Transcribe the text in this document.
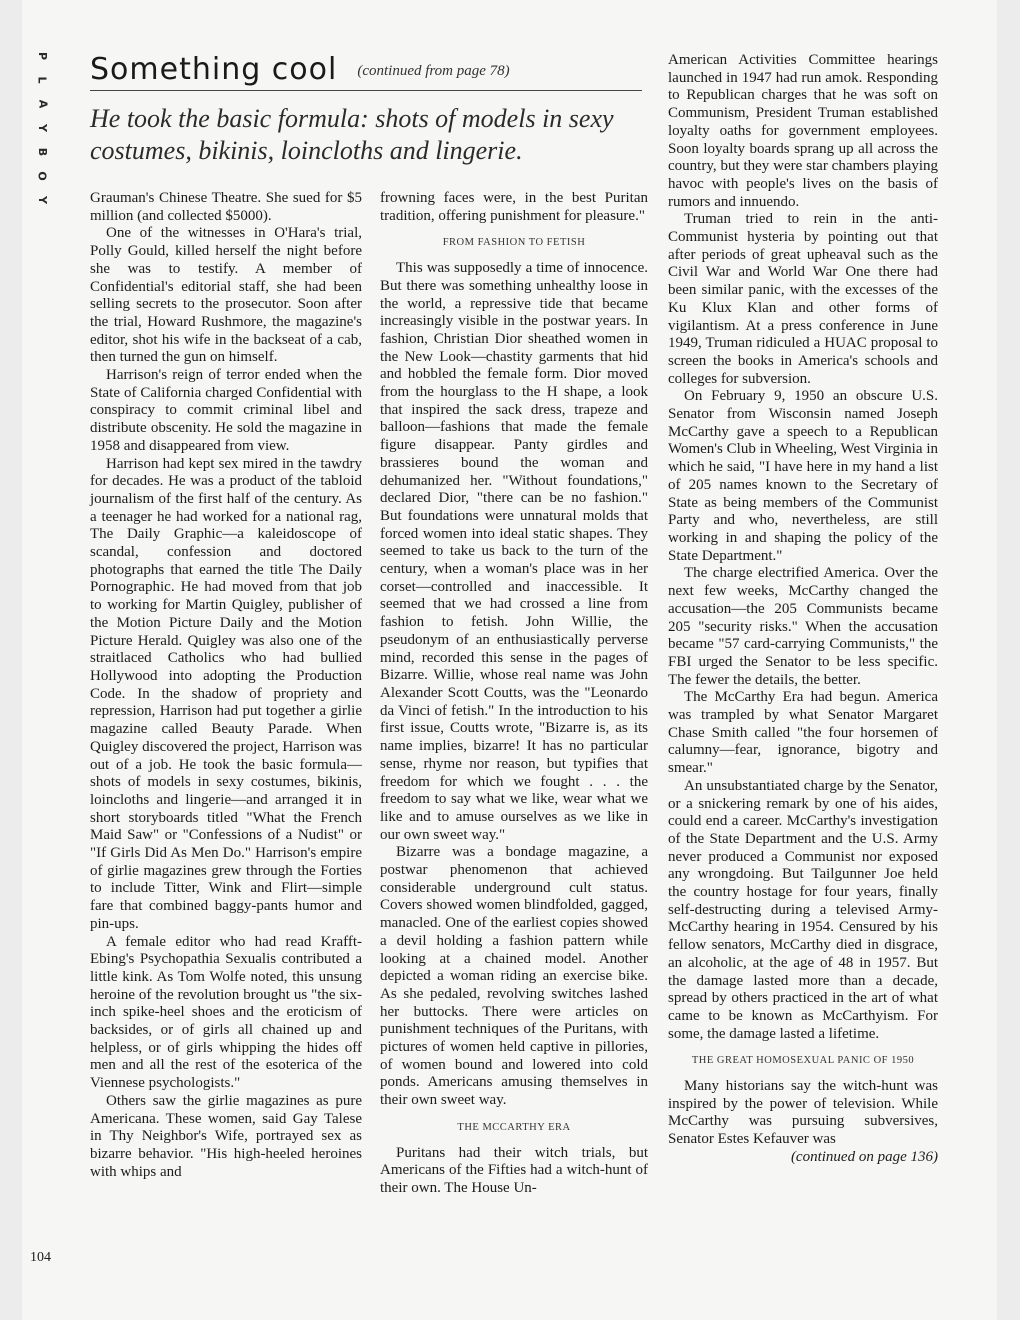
P
L
A
Y
B
O
Y
Something cool (continued from page 78)
He took the basic formula: shots of models in sexy costumes, bikinis, loincloths and lingerie.

Grauman's Chinese Theatre. She sued for $5 million (and collected $5000).

One of the witnesses in O'Hara's trial, Polly Gould, killed herself the night before she was to testify. A member of Confidential's editorial staff, she had been selling secrets to the prosecutor. Soon after the trial, Howard Rushmore, the magazine's editor, shot his wife in the backseat of a cab, then turned the gun on himself.

Harrison's reign of terror ended when the State of California charged Confidential with conspiracy to commit criminal libel and distribute obscenity. He sold the magazine in 1958 and disappeared from view.

Harrison had kept sex mired in the tawdry for decades. He was a product of the tabloid journalism of the first half of the century. As a teenager he had worked for a national rag, The Daily Graphic—a kaleidoscope of scandal, confession and doctored photographs that earned the title The Daily Pornographic. He had moved from that job to working for Martin Quigley, publisher of the Motion Picture Daily and the Motion Picture Herald. Quigley was also one of the straitlaced Catholics who had bullied Hollywood into adopting the Production Code. In the shadow of propriety and repression, Harrison had put together a girlie magazine called Beauty Parade. When Quigley discovered the project, Harrison was out of a job. He took the basic formula—shots of models in sexy costumes, bikinis, loincloths and lingerie—and arranged it in short storyboards titled "What the French Maid Saw" or "Confessions of a Nudist" or "If Girls Did As Men Do." Harrison's empire of girlie magazines grew through the Forties to include Titter, Wink and Flirt—simple fare that combined baggy-pants humor and pin-ups.

A female editor who had read Krafft-Ebing's Psychopathia Sexualis contributed a little kink. As Tom Wolfe noted, this unsung heroine of the revolution brought us "the six-inch spike-heel shoes and the eroticism of backsides, or of girls all chained up and helpless, or of girls whipping the hides off men and all the rest of the esoterica of the Viennese psychologists."

Others saw the girlie magazines as pure Americana. These women, said Gay Talese in Thy Neighbor's Wife, portrayed sex as bizarre behavior. "His high-heeled heroines with whips and

frowning faces were, in the best Puritan tradition, offering punishment for pleasure."

FROM FASHION TO FETISH

This was supposedly a time of innocence. But there was something unhealthy loose in the world, a repressive tide that became increasingly visible in the postwar years. In fashion, Christian Dior sheathed women in the New Look—chastity garments that hid and hobbled the female form. Dior moved from the hourglass to the H shape, a look that inspired the sack dress, trapeze and balloon—fashions that made the female figure disappear. Panty girdles and brassieres bound the woman and dehumanized her. "Without foundations," declared Dior, "there can be no fashion." But foundations were unnatural molds that forced women into ideal static shapes. They seemed to take us back to the turn of the century, when a woman's place was in her corset—controlled and inaccessible. It seemed that we had crossed a line from fashion to fetish. John Willie, the pseudonym of an enthusiastically perverse mind, recorded this sense in the pages of Bizarre. Willie, whose real name was John Alexander Scott Coutts, was the "Leonardo da Vinci of fetish." In the introduction to his first issue, Coutts wrote, "Bizarre is, as its name implies, bizarre! It has no particular sense, rhyme nor reason, but typifies that freedom for which we fought . . . the freedom to say what we like, wear what we like and to amuse ourselves as we like in our own sweet way."

Bizarre was a bondage magazine, a postwar phenomenon that achieved considerable underground cult status. Covers showed women blindfolded, gagged, manacled. One of the earliest copies showed a devil holding a fashion pattern while looking at a chained model. Another depicted a woman riding an exercise bike. As she pedaled, revolving switches lashed her buttocks. There were articles on punishment techniques of the Puritans, with pictures of women held captive in pillories, of women bound and lowered into cold ponds. Americans amusing themselves in their own sweet way.

THE MCCARTHY ERA

Puritans had their witch trials, but Americans of the Fifties had a witch-hunt of their own. The House Un-

American Activities Committee hearings launched in 1947 had run amok. Responding to Republican charges that he was soft on Communism, President Truman established loyalty oaths for government employees. Soon loyalty boards sprang up all across the country, but they were star chambers playing havoc with people's lives on the basis of rumors and innuendo.

Truman tried to rein in the anti-Communist hysteria by pointing out that after periods of great upheaval such as the Civil War and World War One there had been similar panic, with the excesses of the Ku Klux Klan and other forms of vigilantism. At a press conference in June 1949, Truman ridiculed a HUAC proposal to screen the books in America's schools and colleges for subversion.

On February 9, 1950 an obscure U.S. Senator from Wisconsin named Joseph McCarthy gave a speech to a Republican Women's Club in Wheeling, West Virginia in which he said, "I have here in my hand a list of 205 names known to the Secretary of State as being members of the Communist Party and who, nevertheless, are still working in and shaping the policy of the State Department."

The charge electrified America. Over the next few weeks, McCarthy changed the accusation—the 205 Communists became 205 "security risks." When the accusation became "57 card-carrying Communists," the FBI urged the Senator to be less specific. The fewer the details, the better.

The McCarthy Era had begun. America was trampled by what Senator Margaret Chase Smith called "the four horsemen of calumny—fear, ignorance, bigotry and smear."

An unsubstantiated charge by the Senator, or a snickering remark by one of his aides, could end a career. McCarthy's investigation of the State Department and the U.S. Army never produced a Communist nor exposed any wrongdoing. But Tailgunner Joe held the country hostage for four years, finally self-destructing during a televised Army-McCarthy hearing in 1954. Censured by his fellow senators, McCarthy died in disgrace, an alcoholic, at the age of 48 in 1957. But the damage lasted more than a decade, spread by others practiced in the art of what came to be known as McCarthyism. For some, the damage lasted a lifetime.

THE GREAT HOMOSEXUAL PANIC OF 1950

Many historians say the witch-hunt was inspired by the power of television. While McCarthy was pursuing subversives, Senator Estes Kefauver was

(continued on page 136)

104
